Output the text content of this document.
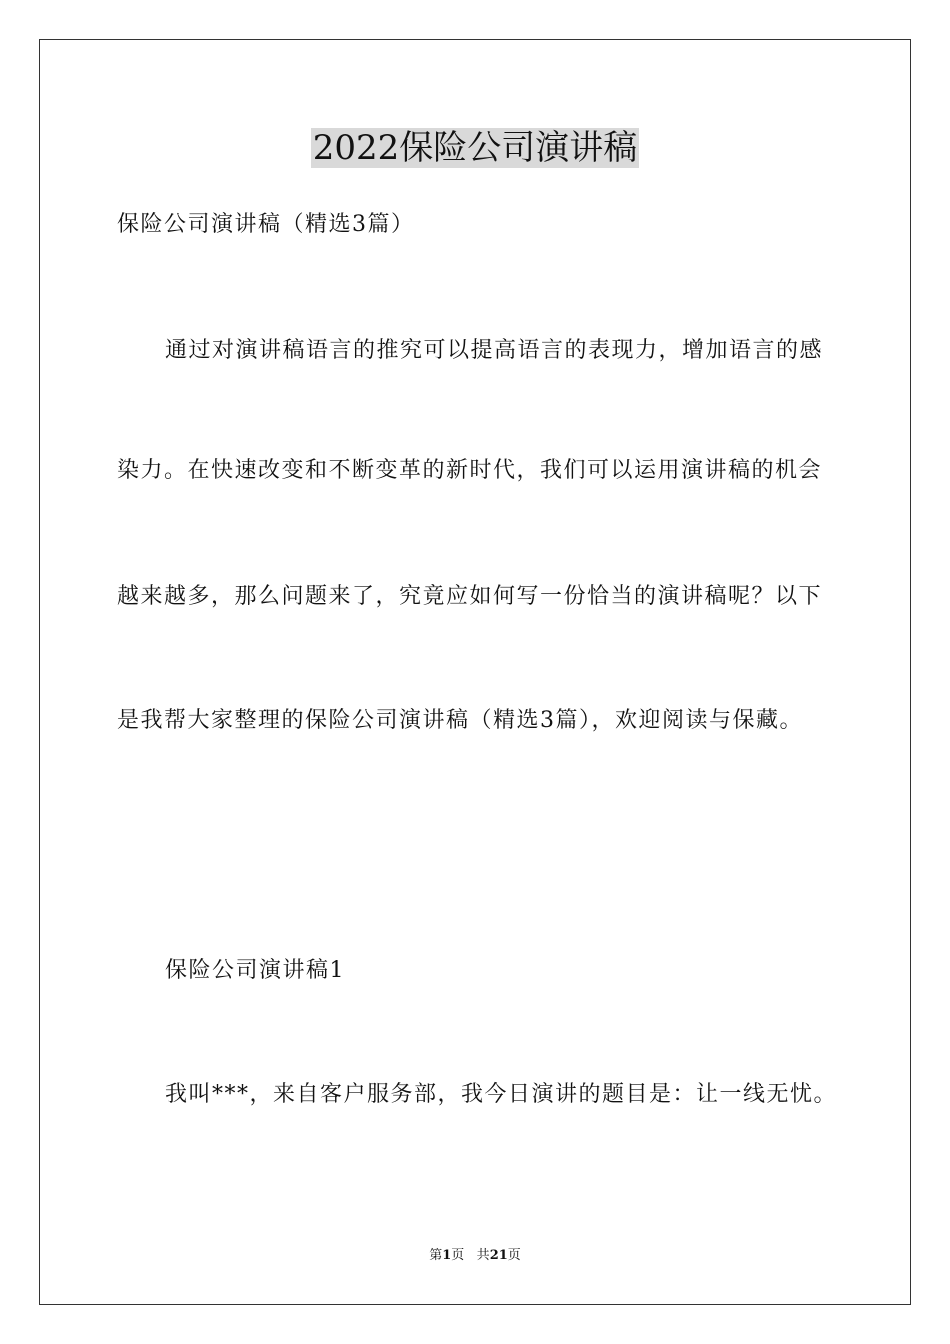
2022保险公司演讲稿
保险公司演讲稿（精选3篇）
通过对演讲稿语言的推究可以提高语言的表现力，增加语言的感
染力。在快速改变和不断变革的新时代，我们可以运用演讲稿的机会
越来越多，那么问题来了，究竟应如何写一份恰当的演讲稿呢？以下
是我帮大家整理的保险公司演讲稿（精选3篇），欢迎阅读与保藏。
保险公司演讲稿1
我叫***，来自客户服务部，我今日演讲的题目是：让一线无忧。
第1页 共21页
